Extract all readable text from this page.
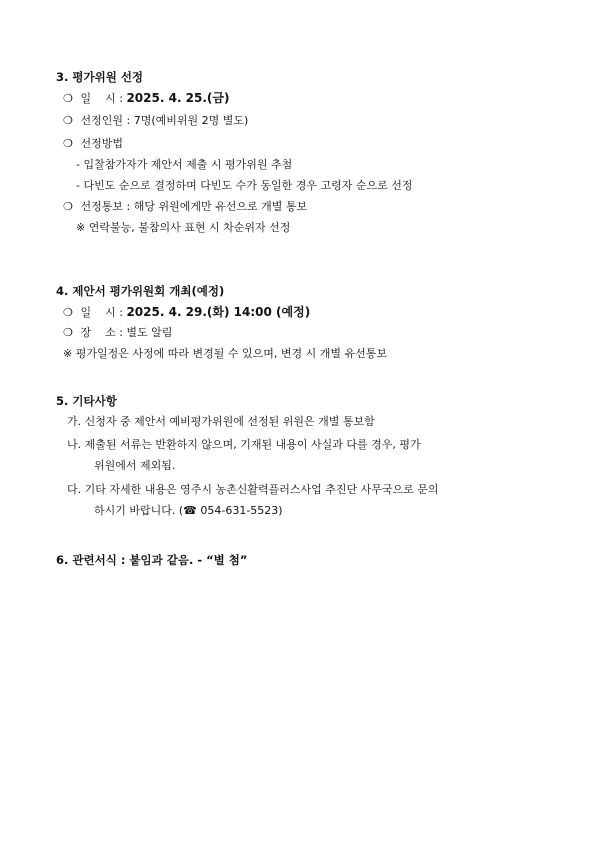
3. 평가위원 선정
❍ 일    시 : 2025. 4. 25.(금)
❍ 선정인원 : 7명(예비위원 2명 별도)
❍ 선정방법
- 입찰참가자가 제안서 제출 시 평가위원 추첨
- 다빈도 순으로 결정하며 다빈도 수가 동일한 경우 고령자 순으로 선정
❍ 선정통보 : 해당 위원에게만 유선으로 개별 통보
※ 연락불능, 불참의사 표현 시 차순위자 선정
4. 제안서 평가위원회 개최(예정)
❍ 일    시 : 2025. 4. 29.(화) 14:00 (예정)
❍ 장    소 : 별도 알림
※ 평가일정은 사정에 따라 변경될 수 있으며, 변경 시 개별 유선통보
5. 기타사항
가. 신청자 중 제안서 예비평가위원에 선정된 위원은 개별 통보함
나. 제출된 서류는 반환하지 않으며, 기재된 내용이 사실과 다를 경우, 평가
위원에서 제외됨.
다. 기타 자세한 내용은 영주시 농촌신활력플러스사업 추진단 사무국으로 문의
하시기 바랍니다. (☎ 054-631-5523)
6. 관련서식 : 붙임과 같음. - “별 첨”
